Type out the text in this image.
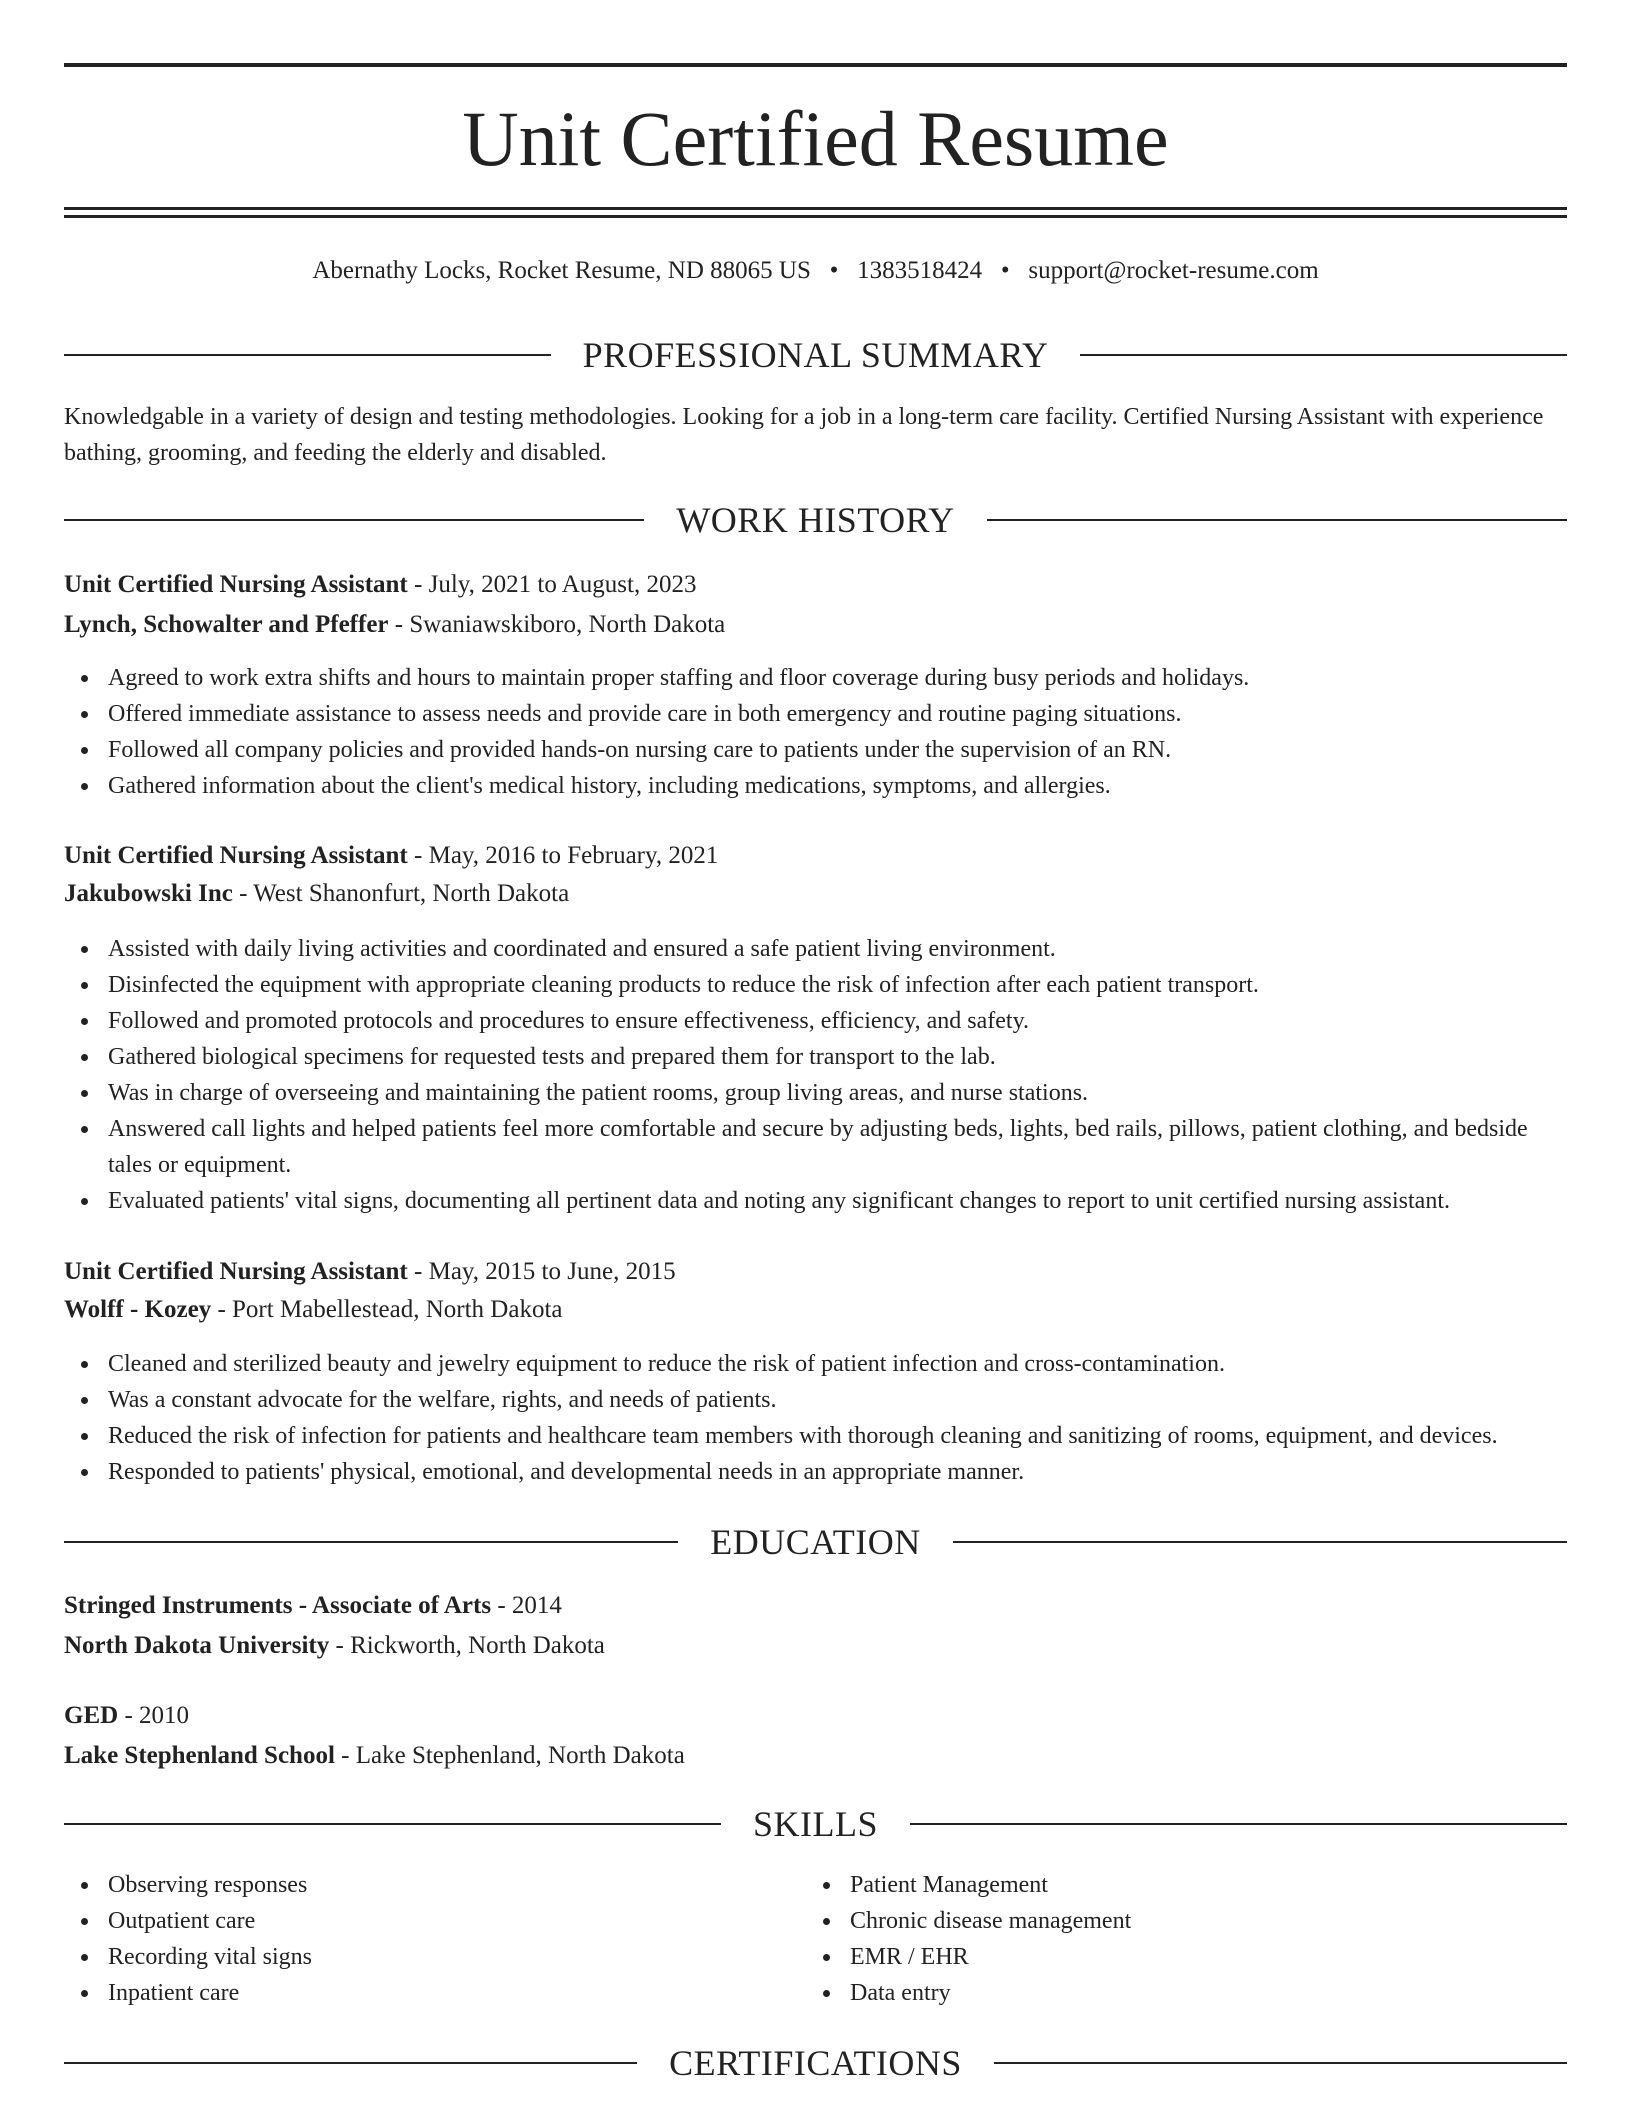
Unit Certified Resume
Abernathy Locks, Rocket Resume, ND 88065 US • 1383518424 • support@rocket-resume.com
PROFESSIONAL SUMMARY
Knowledgable in a variety of design and testing methodologies. Looking for a job in a long-term care facility. Certified Nursing Assistant with experience bathing, grooming, and feeding the elderly and disabled.
WORK HISTORY
Unit Certified Nursing Assistant - July, 2021 to August, 2023
Lynch, Schowalter and Pfeffer - Swaniawskiboro, North Dakota
Agreed to work extra shifts and hours to maintain proper staffing and floor coverage during busy periods and holidays.
Offered immediate assistance to assess needs and provide care in both emergency and routine paging situations.
Followed all company policies and provided hands-on nursing care to patients under the supervision of an RN.
Gathered information about the client's medical history, including medications, symptoms, and allergies.
Unit Certified Nursing Assistant - May, 2016 to February, 2021
Jakubowski Inc - West Shanonfurt, North Dakota
Assisted with daily living activities and coordinated and ensured a safe patient living environment.
Disinfected the equipment with appropriate cleaning products to reduce the risk of infection after each patient transport.
Followed and promoted protocols and procedures to ensure effectiveness, efficiency, and safety.
Gathered biological specimens for requested tests and prepared them for transport to the lab.
Was in charge of overseeing and maintaining the patient rooms, group living areas, and nurse stations.
Answered call lights and helped patients feel more comfortable and secure by adjusting beds, lights, bed rails, pillows, patient clothing, and bedside tales or equipment.
Evaluated patients' vital signs, documenting all pertinent data and noting any significant changes to report to unit certified nursing assistant.
Unit Certified Nursing Assistant - May, 2015 to June, 2015
Wolff - Kozey - Port Mabellestead, North Dakota
Cleaned and sterilized beauty and jewelry equipment to reduce the risk of patient infection and cross-contamination.
Was a constant advocate for the welfare, rights, and needs of patients.
Reduced the risk of infection for patients and healthcare team members with thorough cleaning and sanitizing of rooms, equipment, and devices.
Responded to patients' physical, emotional, and developmental needs in an appropriate manner.
EDUCATION
Stringed Instruments - Associate of Arts - 2014
North Dakota University - Rickworth, North Dakota
GED - 2010
Lake Stephenland School - Lake Stephenland, North Dakota
SKILLS
Observing responses
Outpatient care
Recording vital signs
Inpatient care
Patient Management
Chronic disease management
EMR / EHR
Data entry
CERTIFICATIONS
